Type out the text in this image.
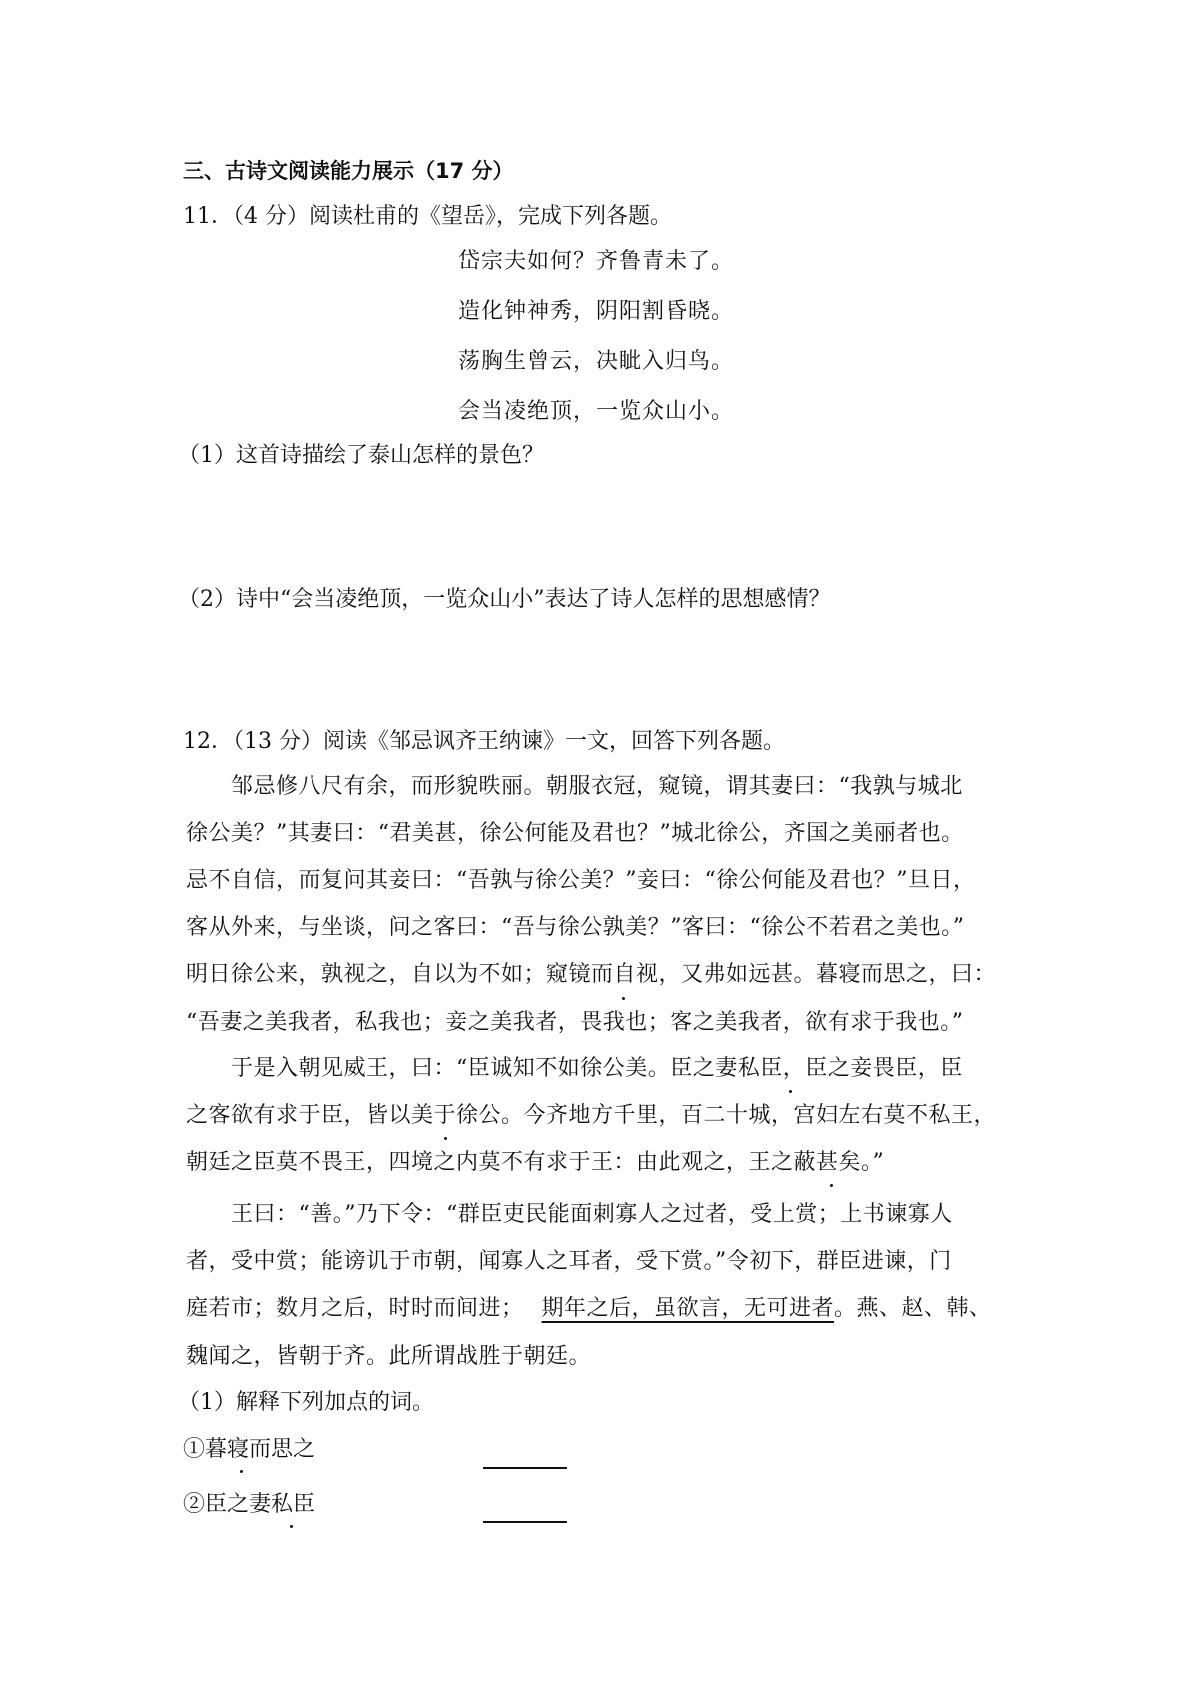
三、古诗文阅读能力展示（17 分）
11．（4 分）阅读杜甫的《望岳》，完成下列各题。
岱宗夫如何？齐鲁青未了。
造化钟神秀，阴阳割昏晓。
荡胸生曾云，决眦入归鸟。
会当凌绝顶，一览众山小。
（1）这首诗描绘了泰山怎样的景色？
（2）诗中“会当凌绝顶，一览众山小”表达了诗人怎样的思想感情？
12．（13 分）阅读《邹忌讽齐王纳谏》一文，回答下列各题。
邹忌修八尺有余，而形貌昳丽。朝服衣冠，窥镜，谓其妻曰：“我孰与城北
徐公美？”其妻曰：“君美甚，徐公何能及君也？”城北徐公，齐国之美丽者也。
忌不自信，而复问其妾曰：“吾孰与徐公美？”妾曰：“徐公何能及君也？”旦日，
客从外来，与坐谈，问之客曰：“吾与徐公孰美？”客曰：“徐公不若君之美也。”
明日徐公来，孰视之，自以为不如；窥镜而自视，又弗如远甚。暮寝而思之，曰：
“吾妻之美我者，私我也；妾之美我者，畏我也；客之美我者，欲有求于我也。”
于是入朝见威王，曰：“臣诚知不如徐公美。臣之妻私臣，臣之妾畏臣，臣
之客欲有求于臣，皆以美于徐公。今齐地方千里，百二十城，宫妇左右莫不私王，
朝廷之臣莫不畏王，四境之内莫不有求于王：由此观之，王之蔽甚矣。”
王曰：“善。”乃下令：“群臣吏民能面刺寡人之过者，受上赏；上书谏寡人
者，受中赏；能谤讥于市朝，闻寡人之耳者，受下赏。”令初下，群臣进谏，门
庭若市；数月之后，时时而间进； 期年之后，虽欲言，无可进者。燕、赵、韩、
魏闻之，皆朝于齐。此所谓战胜于朝廷。
（1）解释下列加点的词。
①暮寝而思之
②臣之妻私臣
